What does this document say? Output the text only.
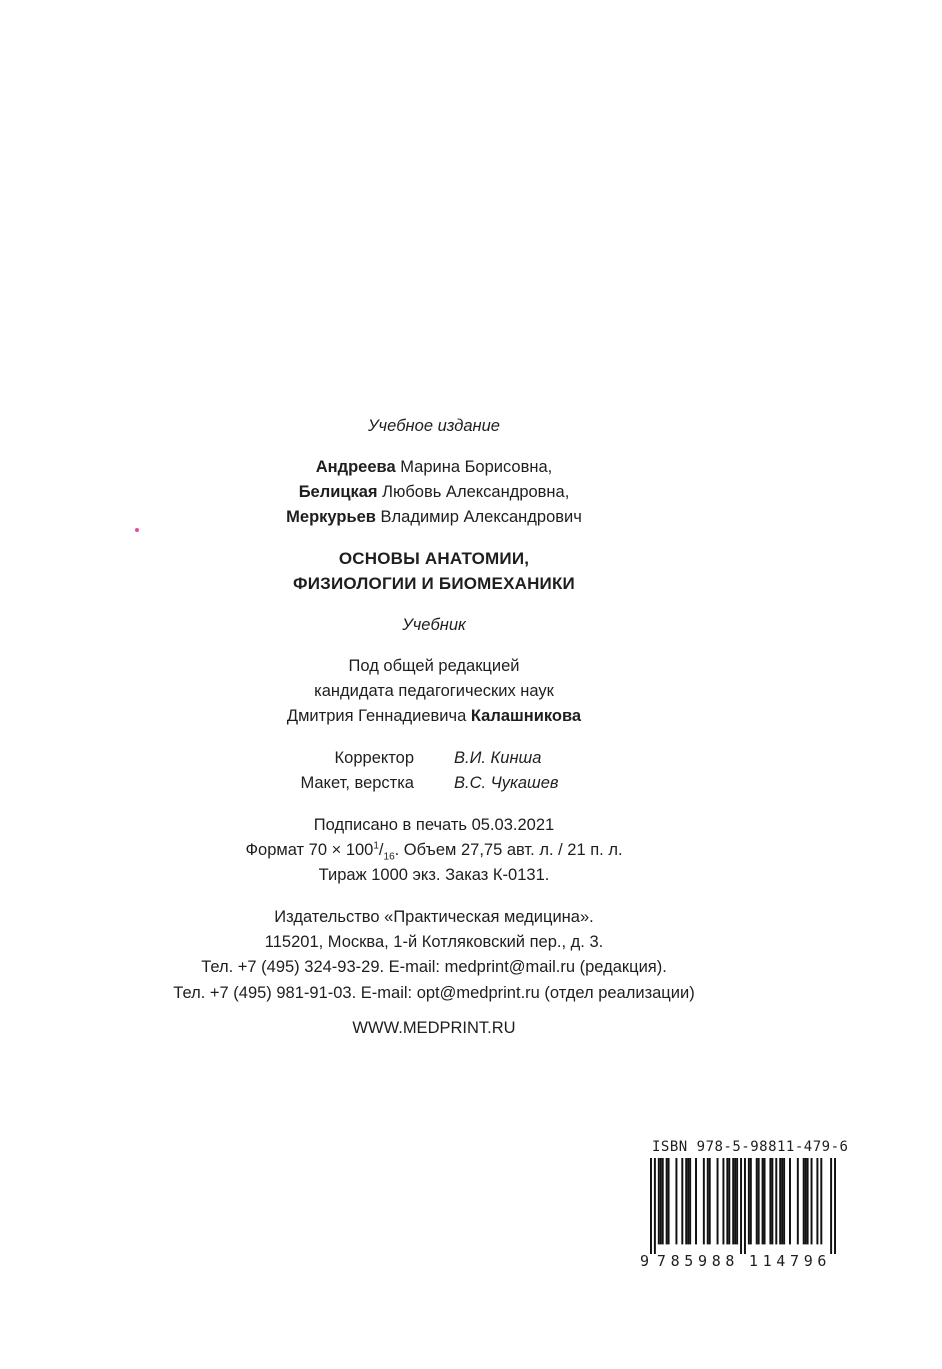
Учебное издание
Андреева Марина Борисовна,
Белицкая Любовь Александровна,
Меркурьев Владимир Александрович
ОСНОВЫ АНАТОМИИ,
ФИЗИОЛОГИИ И БИОМЕХАНИКИ
Учебник
Под общей редакцией
кандидата педагогических наук
Дмитрия Геннадиевича Калашникова
Корректор В.И. Кинша
Макет, верстка В.С. Чукашев
Подписано в печать 05.03.2021
Формат $70 \times 100^1/_{16}$. Объем 27,75 авт. л. / 21 п. л.
Тираж 1000 экз. Заказ К-0131.
Издательство «Практическая медицина».
115201, Москва, 1-й Котляковский пер., д. 3.
Тел. +7 (495) 324-93-29. E-mail: medprint@mail.ru (редакция).
Тел. +7 (495) 981-91-03. E-mail: opt@medprint.ru (отдел реализации)
WWW.MEDPRINT.RU
ISBN 978-5-98811-479-6
9 7 8 5 9 8 8 1 1 4 7 9 6
